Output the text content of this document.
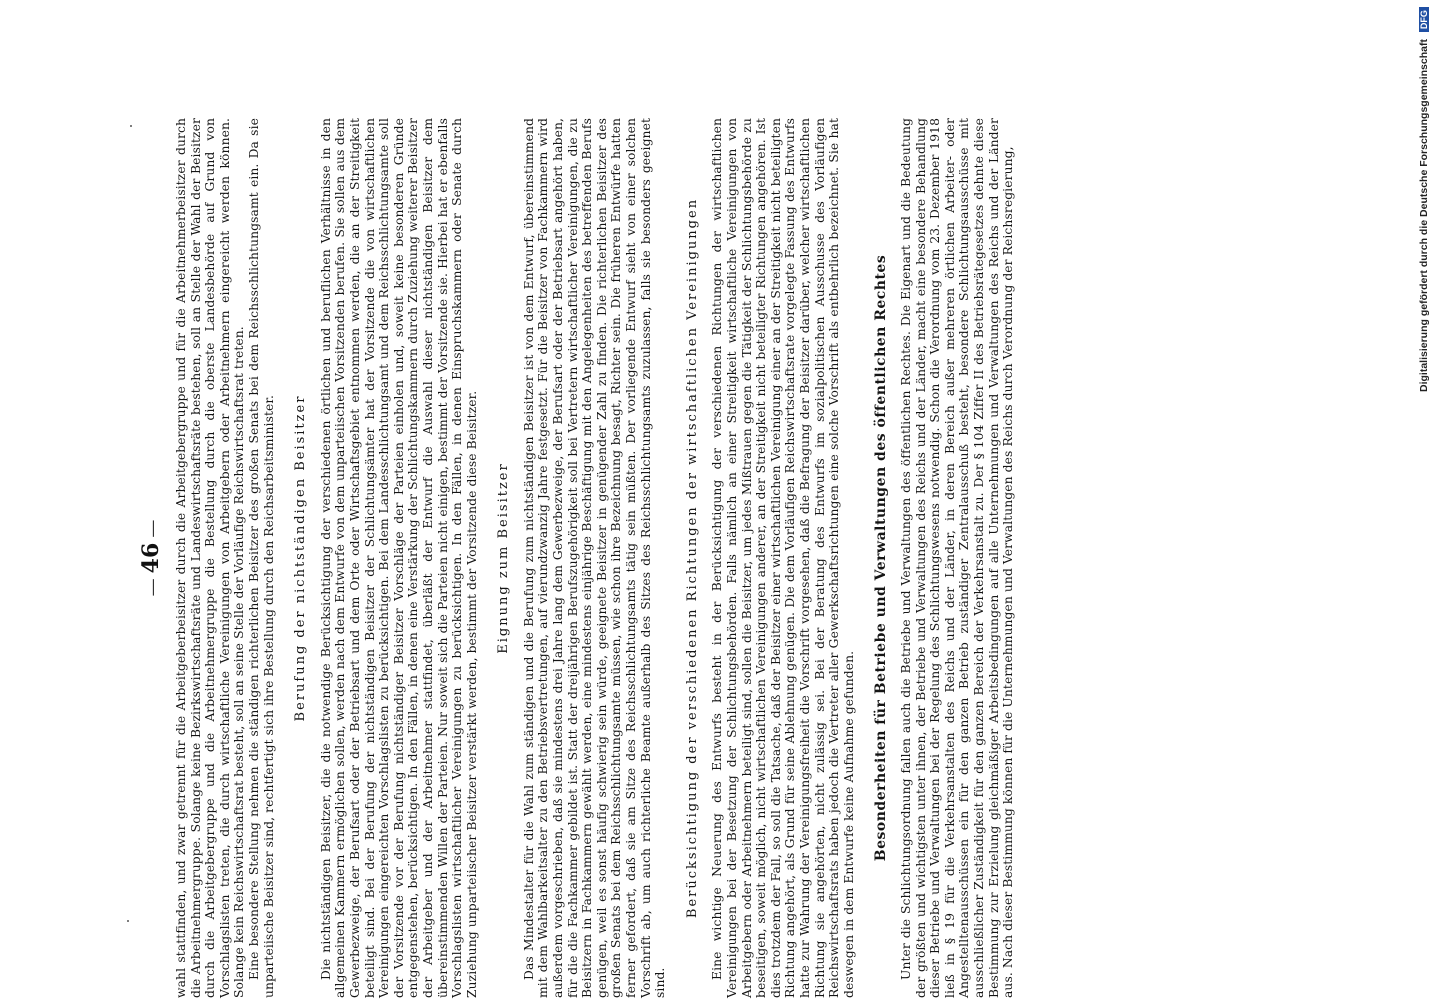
— 46 — wahl stattfinden, und zwar getrennt für die Arbeitgeberbeisitzer durch die Arbeitgebergruppe und für die Arbeitnehmerbeisitzer durch die Arbeitnehmergruppe. Solange keine Bezirkswirtschaftsräte und Landeswirtschaftsräte bestehen, soll an Stelle der Wahl der Beisitzer durch die Arbeitgebergruppe und die Arbeitnehmergruppe die Bestellung durch die oberste Landesbehörde auf Grund von Vorschlagslisten treten, die durch wirtschaftliche Vereinigungen von Arbeitgebern oder Arbeitnehmern eingereicht werden können. Solange kein Reichswirtschaftsrat besteht, soll an seine Stelle der Vorläufige Reichswirtschaftsrat treten. Eine besondere Stellung nehmen die ständigen richterlichen Beisitzer des großen Senats bei dem Reichsschlichtungsamt ein. Da sie unparteiische Beisitzer sind, rechtfertigt sich ihre Bestellung durch den Reichsarbeitsminister. Berufung der nichtständigen Beisitzer Die nichtständigen Beisitzer, die die notwendige Berücksichtigung der verschiedenen örtlichen und beruflichen Verhältnisse in den allgemeinen Kammern ermöglichen sollen, werden nach dem Entwurfe von dem unparteiischen Vorsitzenden berufen. Sie sollen aus dem Gewerbezweige, der Berufsart oder der Betriebsart und dem Orte oder Wirtschaftsgebiet entnommen werden, die an der Streitigkeit beteiligt sind. Bei der Berufung der nichtständigen Beisitzer der Schlichtungsämter hat der Vorsitzende die von wirtschaftlichen Vereinigungen eingereichten Vorschlagslisten zu berücksichtigen. Bei dem Landesschlichtungsamt und dem Reichsschlichtungsamte soll der Vorsitzende vor der Berufung nichtständiger Beisitzer Vorschläge der Parteien einholen und, soweit keine besonderen Gründe entgegenstehen, berücksichtigen. In den Fällen, in denen eine Verstärkung der Schlichtungskammern durch Zuziehung weiterer Beisitzer der Arbeitgeber und der Arbeitnehmer stattfindet, überläßt der Entwurf die Auswahl dieser nichtständigen Beisitzer dem übereinstimmenden Willen der Parteien. Nur soweit sich die Parteien nicht einigen, bestimmt der Vorsitzende sie. Hierbei hat er ebenfalls Vorschlagslisten wirtschaftlicher Vereinigungen zu berücksichtigen. In den Fällen, in denen Einspruchskammern oder Senate durch Zuziehung unparteiischer Beisitzer verstärkt werden, bestimmt der Vorsitzende diese Beisitzer. Eignung zum Beisitzer Das Mindestalter für die Wahl zum ständigen und die Berufung zum nichtständigen Beisitzer ist von dem Entwurf, übereinstimmend mit dem Wahlbarkeitsalter zu den Betriebsvertretungen, auf vierundzwanzig Jahre festgesetzt. Für die Beisitzer von Fachkammern wird außerdem vorgeschrieben, daß sie mindestens drei Jahre lang dem Gewerbezweige, der Berufsart oder der Betriebsart angehört haben, für die die Fachkammer gebildet ist. Statt der dreijährigen Berufszugehörigkeit soll bei Vertretern wirtschaftlicher Vereinigungen, die zu Beisitzern in Fachkammern gewählt werden, eine mindestens einjährige Beschäftigung mit den Angelegenheiten des betreffenden Berufs genügen, weil es sonst häufig schwierig sein würde, geeignete Beisitzer in genügender Zahl zu finden. Die richterlichen Beisitzer des großen Senats bei dem Reichsschlichtungsamte müssen, wie schon ihre Bezeichnung besagt, Richter sein. Die früheren Entwürfe hatten ferner gefordert, daß sie am Sitze des Reichsschlichtungsamts tätig sein müßten. Der vorliegende Entwurf sieht von einer solchen Vorschrift ab, um auch richterliche Beamte außerhalb des Sitzes des Reichsschlichtungsamts zuzulassen, falls sie besonders geeignet sind.

Berücksichtigung der verschiedenen Richtungen der wirtschaftlichen Vereinigungen Eine wichtige Neuerung des Entwurfs besteht in der Berücksichtigung der verschiedenen Richtungen der wirtschaftlichen Vereinigungen bei der Besetzung der Schlichtungsbehörden. Falls nämlich an einer Streitigkeit wirtschaftliche Vereinigungen von Arbeitgebern oder Arbeitnehmern beteiligt sind, sollen die Beisitzer, um jedes Mißtrauen gegen die Tätigkeit der Schlichtungsbehörde zu beseitigen, soweit möglich, nicht wirtschaftlichen Vereinigungen anderer, an der Streitigkeit nicht beteiligter Richtungen angehören. Ist dies trotzdem der Fall, so soll die Tatsache, daß der Beisitzer einer wirtschaftlichen Vereinigung einer an der Streitigkeit nicht beteiligten Richtung angehört, als Grund für seine Ablehnung genügen. Die dem Vorläufigen Reichswirtschaftsrate vorgelegte Fassung des Entwurfs hatte zur Wahrung der Vereinigungsfreiheit die Vorschrift vorgesehen, daß die Befragung der Beisitzer darüber, welcher wirtschaftlichen Richtung sie angehörten, nicht zulässig sei. Bei der Beratung des Entwurfs im sozialpolitischen Ausschusse des Vorläufigen Reichswirtschaftsrats haben jedoch die Vertreter aller Gewerkschaftsrichtungen eine solche Vorschrift als entbehrlich bezeichnet. Sie hat deswegen in dem Entwurfe keine Aufnahme gefunden. Besonderheiten für Betriebe und Verwaltungen des öffentlichen Rechtes Unter die Schlichtungsordnung fallen auch die Betriebe und Verwaltungen des öffentlichen Rechtes. Die Eigenart und die Bedeutung der größten und wichtigsten unter ihnen, der Betriebe und Verwaltungen des Reichs und der Länder, macht eine besondere Behandlung dieser Betriebe und Verwaltungen bei der Regelung des Schlichtungswesens notwendig. Schon die Verordnung vom 23. Dezember 1918 ließ in § 19 für die Verkehrsanstalten des Reichs und der Länder, in deren Bereich außer mehreren örtlichen Arbeiter- oder Angestelltenausschüssen ein für den ganzen Betrieb zuständiger Zentralausschuß besteht, besondere Schlichtungsausschüsse mit ausschließlicher Zuständigkeit für den ganzen Bereich der Verkehrsanstalt zu. Der § 104 Ziffer II des Betriebsrätegesetzes dehnte diese Bestimmung zur Erzielung gleichmäßiger Arbeitsbedingungen auf alle Unternehmungen und Verwaltungen des Reichs und der Länder aus. Nach dieser Bestimmung können für die Unternehmungen und Verwaltungen des Reichs durch Verordnung der Reichsregierung,	Digitalisierung gefördert durch die Deutsche Forschungsgemeinschaft DFG
